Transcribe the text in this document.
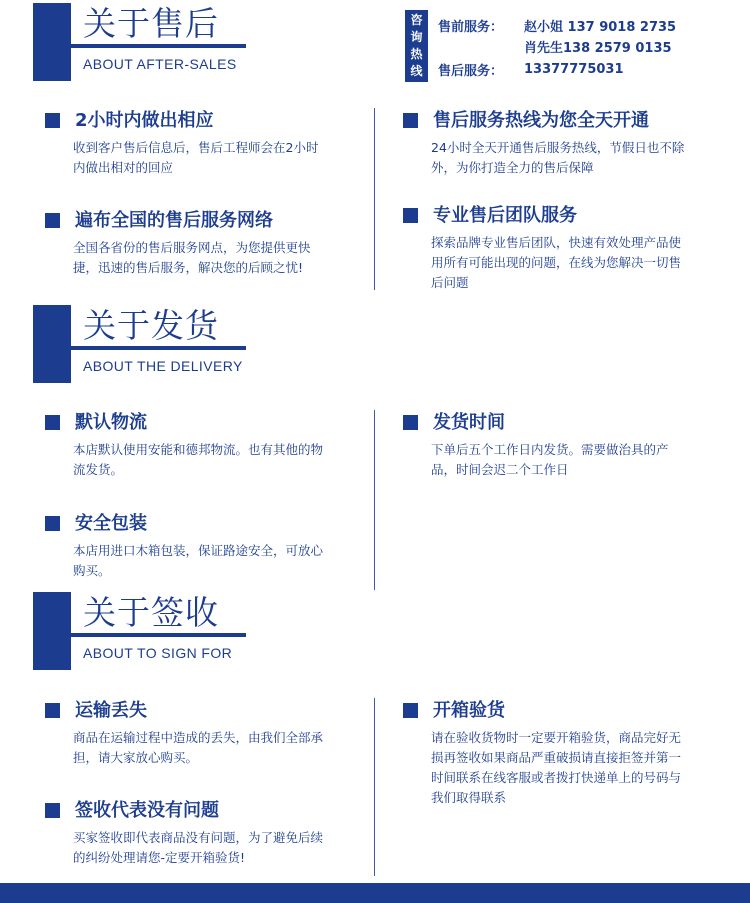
关于售后
ABOUT AFTER-SALES
咨询热线
售前服务： 赵小姐 137 9018 2735
肖先生138 2579 0135
售后服务： 13377775031
2小时内做出相应
收到客户售后信息后，售后工程师会在2小时内做出相对的回应
售后服务热线为您全天开通
24小时全天开通售后服务热线，节假日也不除外，为你打造全力的售后保障
遍布全国的售后服务网络
全国各省份的售后服务网点，为您提供更快捷，迅速的售后服务，解决您的后顾之忧!
专业售后团队服务
探索品牌专业售后团队，快速有效处理产品使用所有可能出现的问题，在线为您解决一切售后问题
关于发货
ABOUT THE DELIVERY
默认物流
本店默认使用安能和德邦物流。也有其他的物流发货。
发货时间
下单后五个工作日内发货。需要做治具的产品，时间会迟二个工作日
安全包装
本店用进口木箱包装，保证路途安全，可放心购买。
关于签收
ABOUT TO SIGN FOR
运输丢失
商品在运输过程中造成的丢失，由我们全部承担，请大家放心购买。
开箱验货
请在验收货物时一定要开箱验货，商品完好无损再签收如果商品严重破损请直接拒签并第一时间联系在线客服或者拨打快递单上的号码与我们取得联系
签收代表没有问题
买家签收即代表商品没有问题，为了避免后续的纠纷处理请您-定要开箱验货!
